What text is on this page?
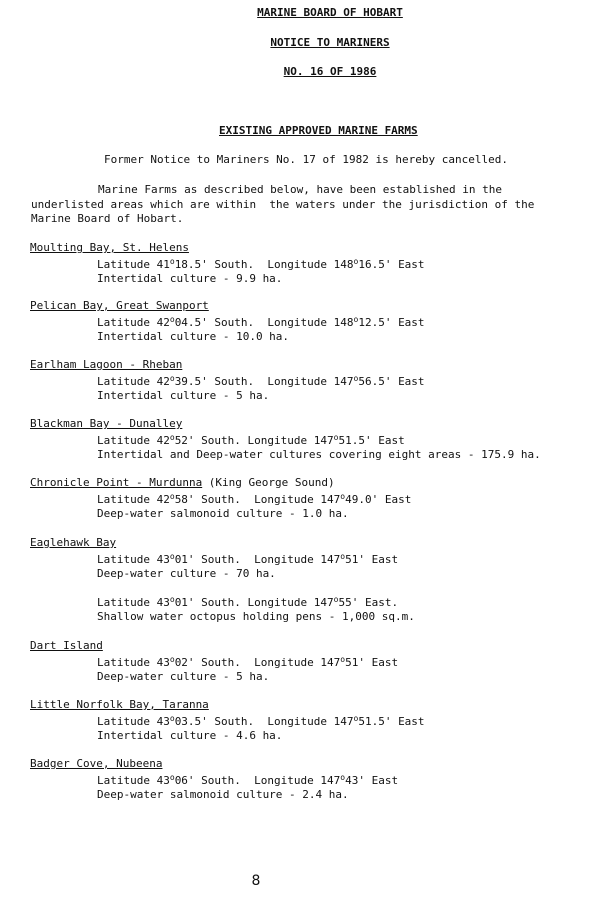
MARINE BOARD OF HOBART
NOTICE TO MARINERS
NO. 16 OF 1986
EXISTING APPROVED MARINE FARMS
Former Notice to Mariners No. 17 of 1982 is hereby cancelled.
Marine Farms as described below, have been established in the
underlisted areas which are within  the waters under the jurisdiction of the
Marine Board of Hobart.
Moulting Bay, St. Helens
Latitude 41$^o$18.5' South.  Longitude 148$^o$16.5' East
Intertidal culture - 9.9 ha.
Pelican Bay, Great Swanport
Latitude 42$^o$04.5' South.  Longitude 148$^o$12.5' East
Intertidal culture - 10.0 ha.
Earlham Lagoon - Rheban
Latitude 42$^o$39.5' South.  Longitude 147$^o$56.5' East
Intertidal culture - 5 ha.
Blackman Bay - Dunalley
Latitude 42$^o$52' South. Longitude 147$^o$51.5' East
Intertidal and Deep-water cultures covering eight areas - 175.9 ha.
Chronicle Point - Murdunna (King George Sound)
Latitude 42$^o$58' South.  Longitude 147$^o$49.0' East
Deep-water salmonoid culture - 1.0 ha.
Eaglehawk Bay
Latitude 43$^o$01' South.  Longitude 147$^o$51' East
Deep-water culture - 70 ha.
Latitude 43$^o$01' South. Longitude 147$^o$55' East.
Shallow water octopus holding pens - 1,000 sq.m.
Dart Island
Latitude 43$^o$02' South.  Longitude 147$^o$51' East
Deep-water culture - 5 ha.
Little Norfolk Bay, Taranna
Latitude 43$^o$03.5' South.  Longitude 147$^o$51.5' East
Intertidal culture - 4.6 ha.
Badger Cove, Nubeena
Latitude 43$^o$06' South.  Longitude 147$^o$43' East
Deep-water salmonoid culture - 2.4 ha.
8
